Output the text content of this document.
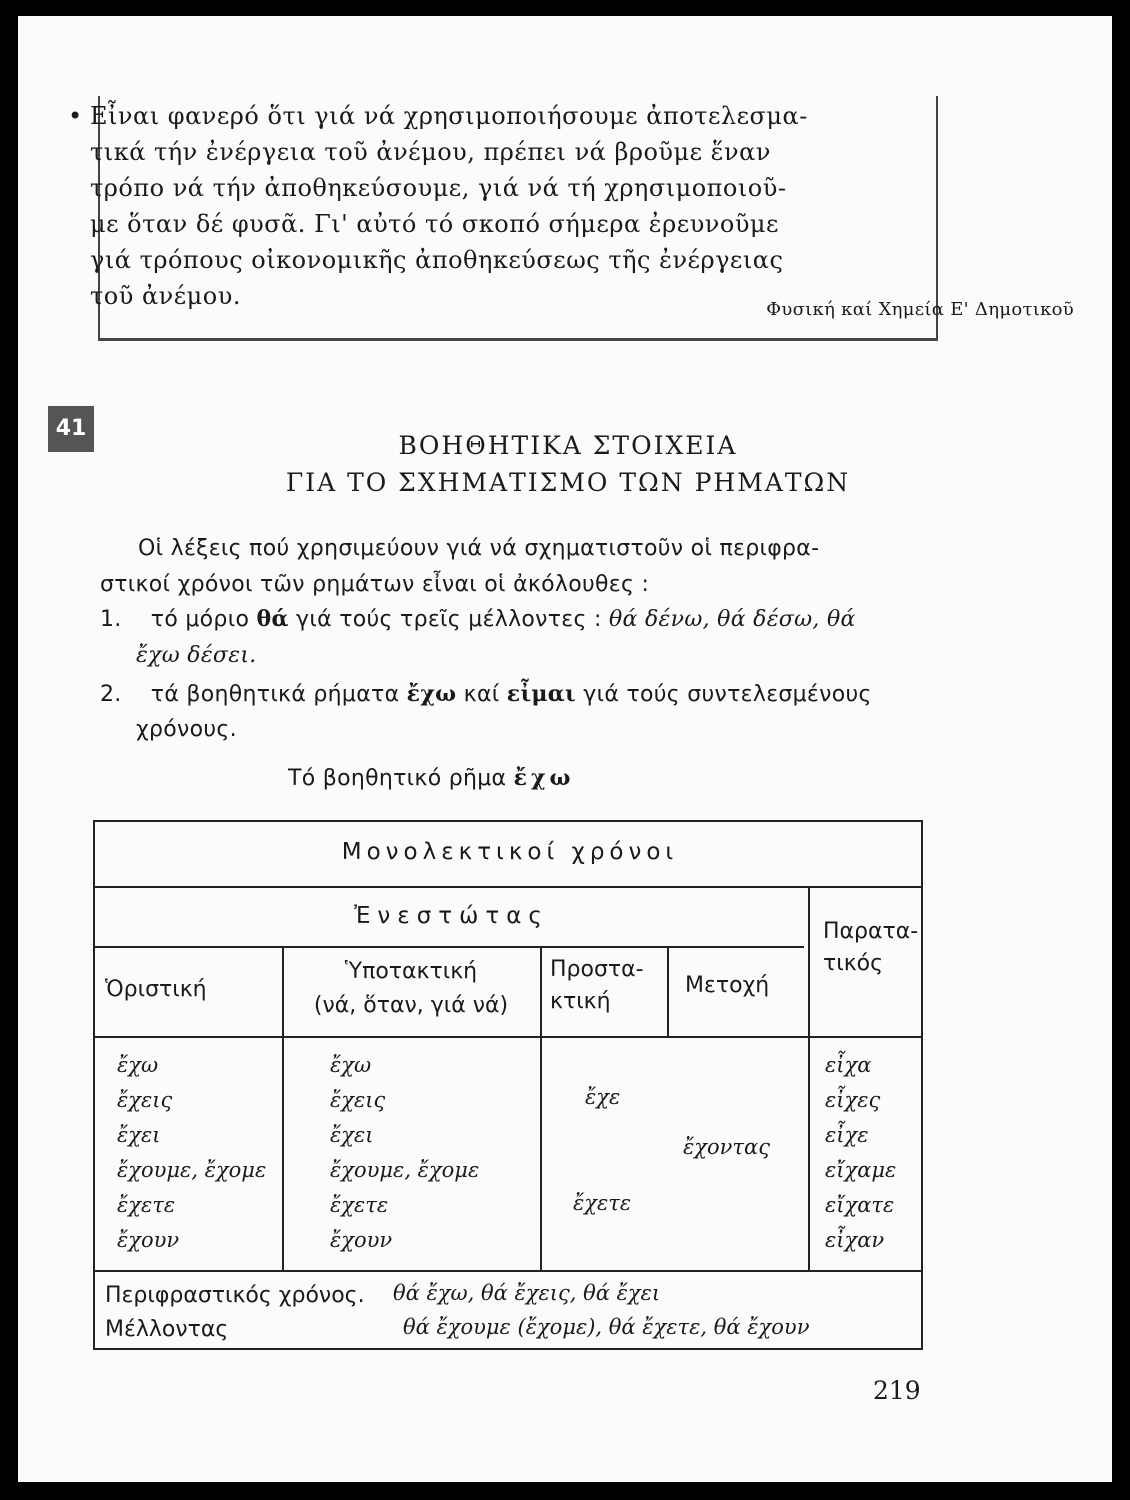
• Εἶναι φανερό ὅτι γιά νά χρησιμοποιήσουμε ἀποτελεσμα-
τικά τήν ἐνέργεια τοῦ ἀνέμου, πρέπει νά βροῦμε ἕναν
τρόπο νά τήν ἀποθηκεύσουμε, γιά νά τή χρησιμοποιοῦ-
με ὅταν δέ φυσᾶ. Γι' αὐτό τό σκοπό σήμερα ἐρευνοῦμε
γιά τρόπους οἰκονομικῆς ἀποθηκεύσεως τῆς ἐνέργειας
τοῦ ἀνέμου.	Φυσική καί Χημεία Ε' Δημοτικοῦ
41
ΒΟΗΘΗΤΙΚΑ ΣΤΟΙΧΕΙΑ
ΓΙΑ ΤΟ ΣΧΗΜΑΤΙΣΜΟ ΤΩΝ ΡΗΜΑΤΩΝ
Οἱ λέξεις πού χρησιμεύουν γιά νά σχηματιστοῦν οἱ περιφρα-
στικοί χρόνοι τῶν ρημάτων εἶναι οἱ ἀκόλουθες :
1. τό μόριο θά γιά τούς τρεῖς μέλλοντες : θά δένω, θά δέσω, θά
ἔχω δέσει.
2. τά βοηθητικά ρήματα ἔχω καί εἶμαι γιά τούς συντελεσμένους
χρόνους.
Τό βοηθητικό ρῆμα ἔχω
Μονολεκτικοί χρόνοι
Ἐνεστώτας
Παρατα-
τικός
Ὁριστική
Ὑποτακτική
(νά, ὅταν, γιά νά)
Προστα-
κτική
Μετοχή
ἔχω
ἔχεις
ἔχει
ἔχουμε, ἔχομε
ἔχετε
ἔχουν
ἔχω
ἔχεις
ἔχει
ἔχουμε, ἔχομε
ἔχετε
ἔχουν
ἔχε
ἔχετε
ἔχοντας
εἶχα
εἶχες
εἶχε
εἴχαμε
εἴχατε
εἶχαν
Περιφραστικός χρόνος.
Μέλλοντας
θά ἔχω, θά ἔχεις, θά ἔχει
θά ἔχουμε (ἔχομε), θά ἔχετε, θά ἔχουν
219
